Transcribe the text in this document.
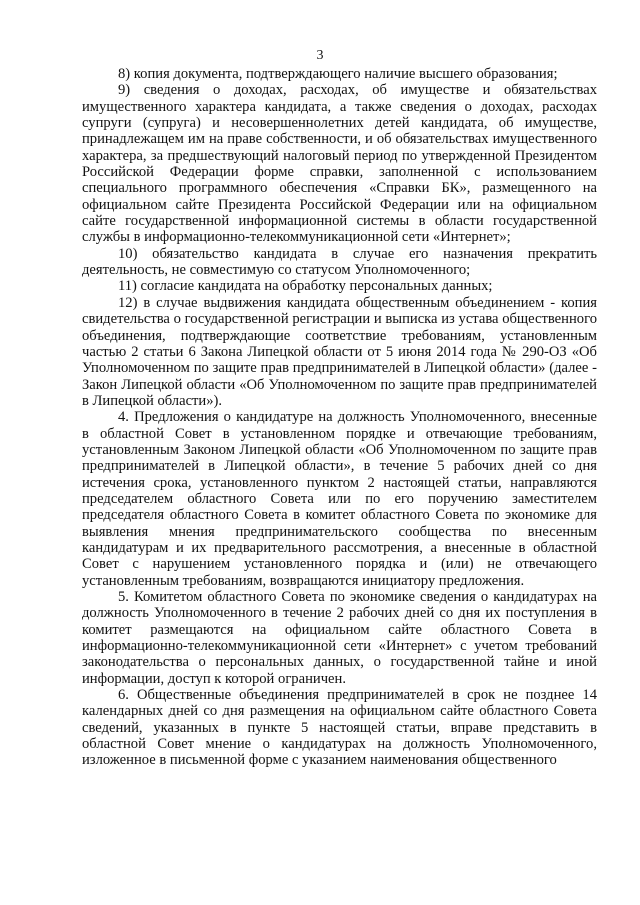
3

8) копия документа, подтверждающего наличие высшего образования;

9) сведения о доходах, расходах, об имуществе и обязательствах имущественного характера кандидата, а также сведения о доходах, расходах супруги (супруга) и несовершеннолетних детей кандидата, об имуществе, принадлежащем им на праве собственности, и об обязательствах имущественного характера, за предшествующий налоговый период по утвержденной Президентом Российской Федерации форме справки, заполненной с использованием специального программного обеспечения «Справки БК», размещенного на официальном сайте Президента Российской Федерации или на официальном сайте государственной информационной системы в области государственной службы в информационно-телекоммуникационной сети «Интернет»;

10) обязательство кандидата в случае его назначения прекратить деятельность, не совместимую со статусом Уполномоченного;

11) согласие кандидата на обработку персональных данных;

12) в случае выдвижения кандидата общественным объединением - копия свидетельства о государственной регистрации и выписка из устава общественного объединения, подтверждающие соответствие требованиям, установленным частью 2 статьи 6 Закона Липецкой области от 5 июня 2014 года № 290-ОЗ «Об Уполномоченном по защите прав предпринимателей в Липецкой области» (далее - Закон Липецкой области «Об Уполномоченном по защите прав предпринимателей в Липецкой области»).

4. Предложения о кандидатуре на должность Уполномоченного, внесенные в областной Совет в установленном порядке и отвечающие требованиям, установленным Законом Липецкой области «Об Уполномоченном по защите прав предпринимателей в Липецкой области», в течение 5 рабочих дней со дня истечения срока, установленного пунктом 2 настоящей статьи, направляются председателем областного Совета или по его поручению заместителем председателя областного Совета в комитет областного Совета по экономике для выявления мнения предпринимательского сообщества по внесенным кандидатурам и их предварительного рассмотрения, а внесенные в областной Совет с нарушением установленного порядка и (или) не отвечающего установленным требованиям, возвращаются инициатору предложения.

5. Комитетом областного Совета по экономике сведения о кандидатурах на должность Уполномоченного в течение 2 рабочих дней со дня их поступления в комитет размещаются на официальном сайте областного Совета в информационно-телекоммуникационной сети «Интернет» с учетом требований законодательства о персональных данных, о государственной тайне и иной информации, доступ к которой ограничен.

6. Общественные объединения предпринимателей в срок не позднее 14 календарных дней со дня размещения на официальном сайте областного Совета сведений, указанных в пункте 5 настоящей статьи, вправе представить в областной Совет мнение о кандидатурах на должность Уполномоченного, изложенное в письменной форме с указанием наименования общественного
